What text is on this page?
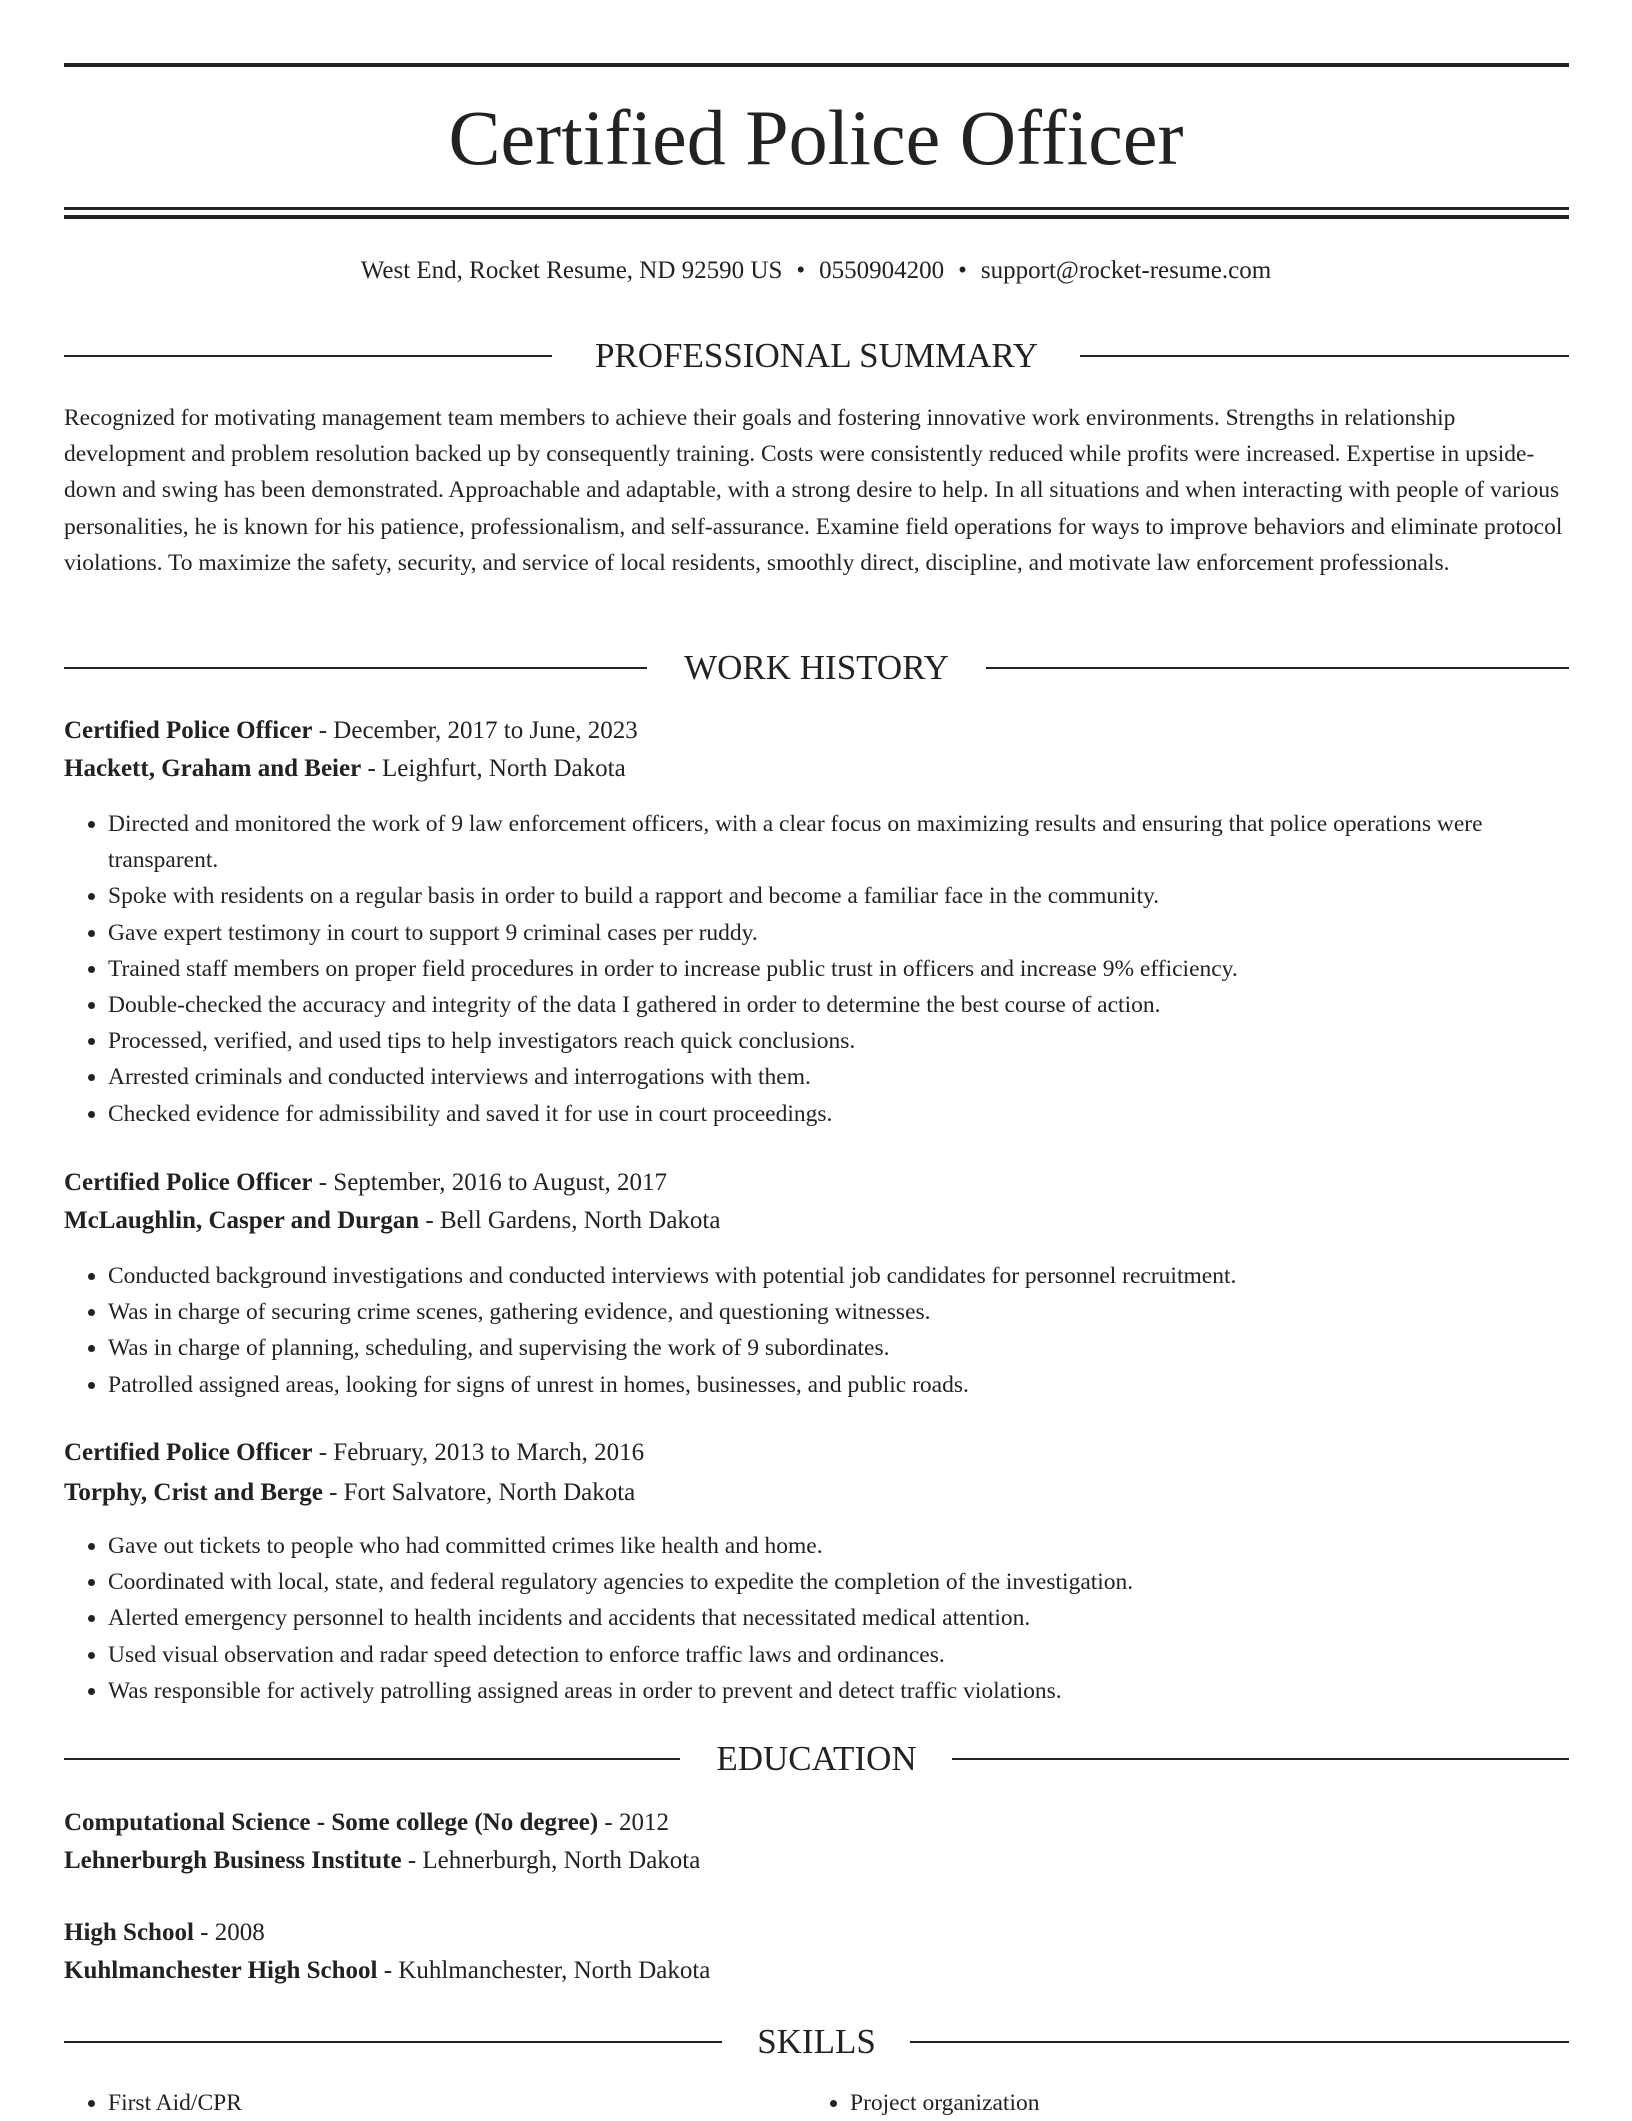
Certified Police Officer
West End, Rocket Resume, ND 92590 US • 0550904200 • support@rocket-resume.com
PROFESSIONAL SUMMARY

Recognized for motivating management team members to achieve their goals and fostering innovative work environments. Strengths in relationship development and problem resolution backed up by consequently training. Costs were consistently reduced while profits were increased. Expertise in upside-down and swing has been demonstrated. Approachable and adaptable, with a strong desire to help. In all situations and when interacting with people of various personalities, he is known for his patience, professionalism, and self-assurance. Examine field operations for ways to improve behaviors and eliminate protocol violations. To maximize the safety, security, and service of local residents, smoothly direct, discipline, and motivate law enforcement professionals.

WORK HISTORY
Certified Police Officer - December, 2017 to June, 2023
Hackett, Graham and Beier - Leighfurt, North Dakota
• Directed and monitored the work of 9 law enforcement officers, with a clear focus on maximizing results and ensuring that police operations were transparent.
• Spoke with residents on a regular basis in order to build a rapport and become a familiar face in the community.
• Gave expert testimony in court to support 9 criminal cases per ruddy.
• Trained staff members on proper field procedures in order to increase public trust in officers and increase 9% efficiency.
• Double-checked the accuracy and integrity of the data I gathered in order to determine the best course of action.
• Processed, verified, and used tips to help investigators reach quick conclusions.
• Arrested criminals and conducted interviews and interrogations with them.
• Checked evidence for admissibility and saved it for use in court proceedings.
Certified Police Officer - September, 2016 to August, 2017
McLaughlin, Casper and Durgan - Bell Gardens, North Dakota
• Conducted background investigations and conducted interviews with potential job candidates for personnel recruitment.
• Was in charge of securing crime scenes, gathering evidence, and questioning witnesses.
• Was in charge of planning, scheduling, and supervising the work of 9 subordinates.
• Patrolled assigned areas, looking for signs of unrest in homes, businesses, and public roads.
Certified Police Officer - February, 2013 to March, 2016
Torphy, Crist and Berge - Fort Salvatore, North Dakota
• Gave out tickets to people who had committed crimes like health and home.
• Coordinated with local, state, and federal regulatory agencies to expedite the completion of the investigation.
• Alerted emergency personnel to health incidents and accidents that necessitated medical attention.
• Used visual observation and radar speed detection to enforce traffic laws and ordinances.
• Was responsible for actively patrolling assigned areas in order to prevent and detect traffic violations.
EDUCATION
Computational Science - Some college (No degree) - 2012
Lehnerburgh Business Institute - Lehnerburgh, North Dakota
High School - 2008
Kuhlmanchester High School - Kuhlmanchester, North Dakota
SKILLS
• First Aid/CPR
•	Project organization
